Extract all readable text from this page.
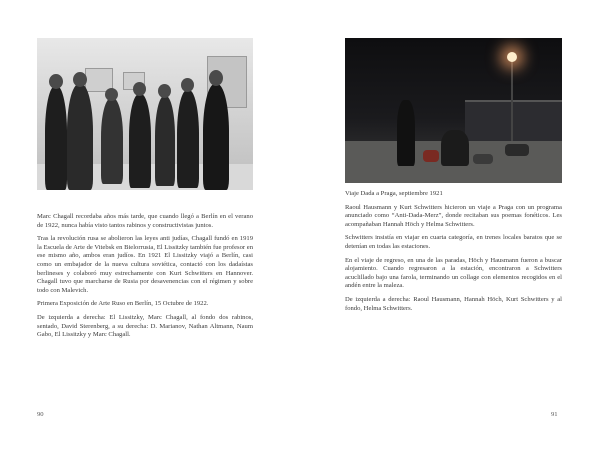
Marc Chagall recordaba años más tarde, que cuando llegó a Berlín en el verano de 1922, nunca había visto tantos rabinos y constructivistas juntos.

Tras la revolución rusa se abolieron las leyes anti judías, Chagall fundó en 1919 la Escuela de Arte de Vitebsk en Bielorrusia, El Lissitzky también fue profesor en ese mismo año, ambos eran judíos. En 1921 El Lissitzky viajó a Berlín, casi como un embajador de la nueva cultura soviética, contactó con los dadaístas berlineses y colaboró muy estrechamente con Kurt Schwitters en Hannover. Chagall tuvo que marcharse de Rusia por desavenencias con el régimen y sobre todo con Malevich.

Primera Exposición de Arte Ruso en Berlín, 15 Octubre de 1922.

De izquierda a derecha: El Lissitzky, Marc Chagall, al fondo dos rabinos, sentado, David Sterenberg, a su derecha: D. Marianov, Nathan Altmann, Naum Gabo, El Lissitzky y Marc Chagall.

90

Viaje Dada a Praga, septiembre 1921

Raoul Hausmann y Kurt Schwitters hicieron un viaje a Praga con un programa anunciado como “Anti-Dada-Merz”, donde recitaban sus poemas fonéticos. Les acompañaban Hannah Höch y Helma Schwitters.

Schwitters insistía en viajar en cuarta categoría, en trenes locales baratos que se detenían en todas las estaciones.

En el viaje de regreso, en una de las paradas, Höch y Hausmann fueron a buscar alojamiento. Cuando regresaron a la estación, encontraron a Schwitters acuclillado bajo una farola, terminando un collage con elementos recogidos en el andén entre la maleza.

De izquierda a derecha: Raoul Hausmann, Hannah Höch, Kurt Schwitters y al fondo, Helma Schwitters.

91
